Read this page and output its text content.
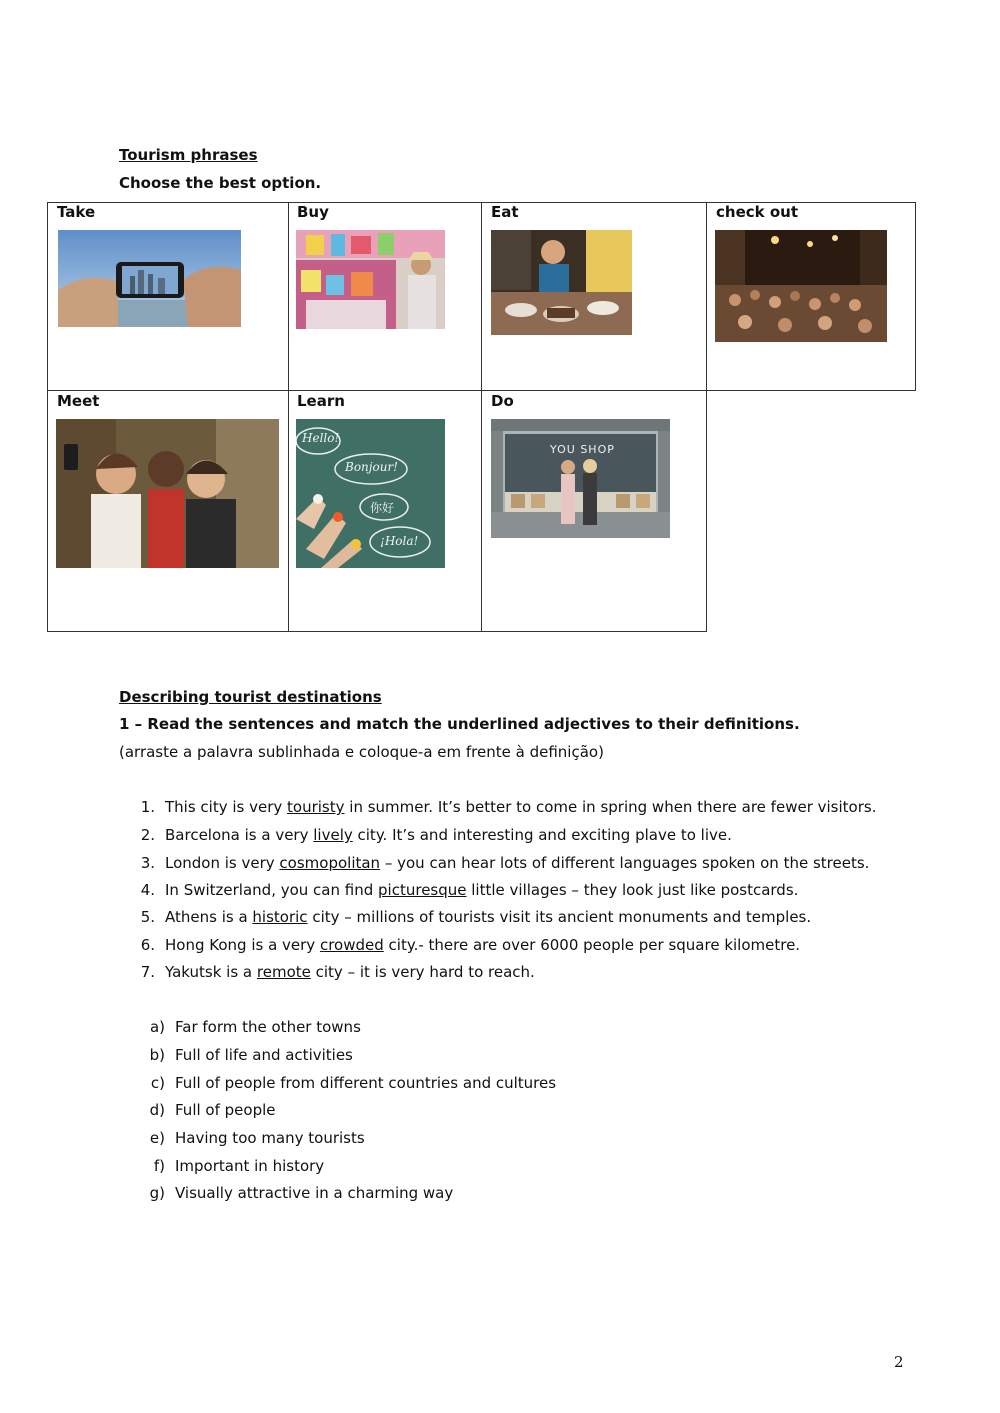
Tourism phrases
Choose the best option.
Take	Buy	Eat	check out
Meet	Learn	Do
Hello!
Bonjour!
你好
¡Hola!
YOU SHOP
Describing tourist destinations
1 – Read the sentences and match the underlined adjectives to their definitions.
(arraste a palavra sublinhada e coloque-a em frente à definição)
1. This city is very touristy in summer. It’s better to come in spring when there are fewer visitors.
2. Barcelona is a very lively city. It’s and interesting and exciting plave to live.
3. London is very cosmopolitan – you can hear lots of different languages spoken on the streets.
4. In Switzerland, you can find picturesque little villages – they look just like postcards.
5. Athens is a historic city – millions of tourists visit its ancient monuments and temples.
6. Hong Kong is a very crowded city.- there are over 6000 people per square kilometre.
7. Yakutsk is a remote city – it is very hard to reach.
a) Far form the other towns
b) Full of life and activities
c) Full of people from different countries and cultures
d) Full of people
e) Having too many tourists
f) Important in history
g) Visually attractive in a charming way
2
